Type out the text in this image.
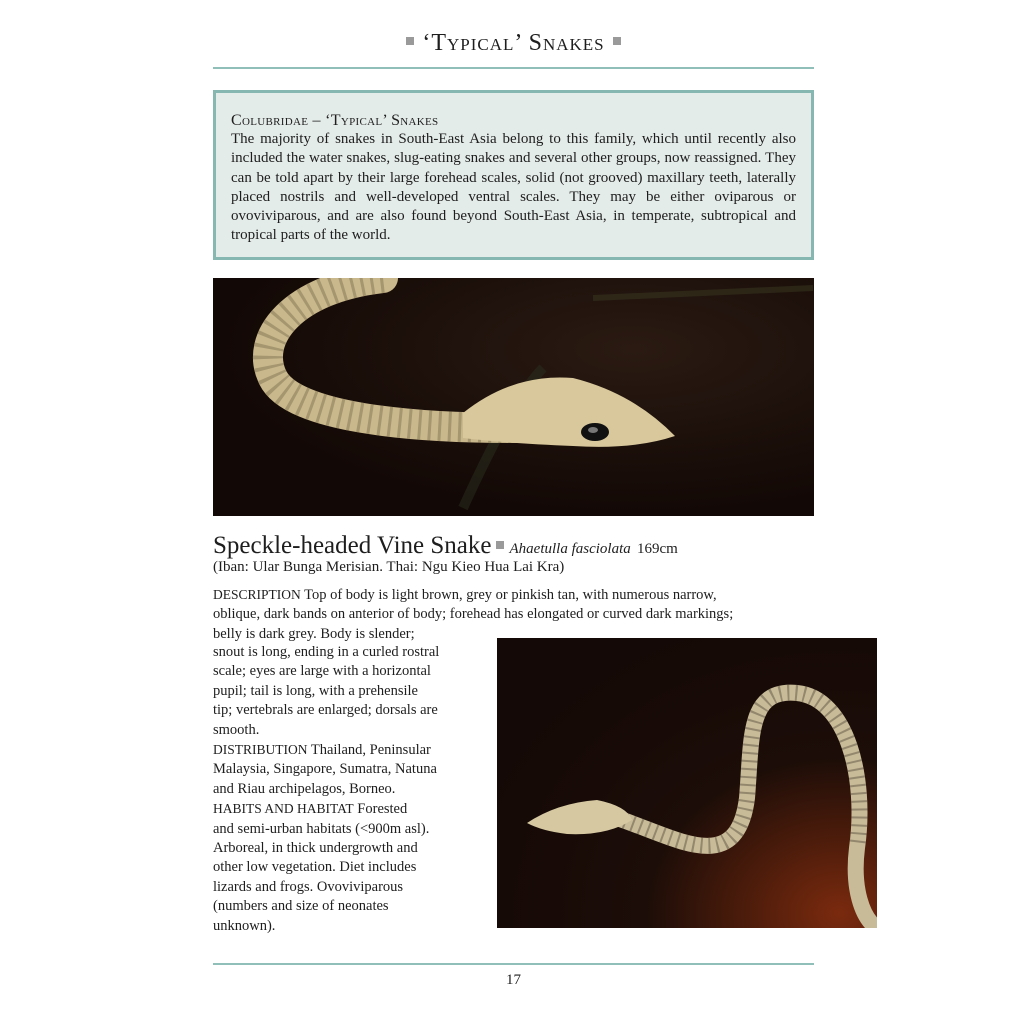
‘Typical’ Snakes
Colubridae – ‘Typical’ Snakes

The majority of snakes in South-East Asia belong to this family, which until recently also included the water snakes, slug-eating snakes and several other groups, now reassigned. They can be told apart by their large forehead scales, solid (not grooved) maxillary teeth, laterally placed nostrils and well-developed ventral scales. They may be either oviparous or ovoviviparous, and are also found beyond South-East Asia, in temperate, subtropical and tropical parts of the world.

Speckle-headed Vine Snake Ahaetulla fasciolata 169cm
(Iban: Ular Bunga Merisian. Thai: Ngu Kieo Hua Lai Kra)
DESCRIPTION Top of body is light brown, grey or pinkish tan, with numerous narrow,
oblique, dark bands on anterior of body; forehead has elongated or curved dark markings;
belly is dark grey. Body is slender;
snout is long, ending in a curled rostral
scale; eyes are large with a horizontal
pupil; tail is long, with a prehensile
tip; vertebrals are enlarged; dorsals are
smooth.
DISTRIBUTION Thailand, Peninsular
Malaysia, Singapore, Sumatra, Natuna
and Riau archipelagos, Borneo.
HABITS AND HABITAT Forested
and semi-urban habitats (<900m asl).
Arboreal, in thick undergrowth and
other low vegetation. Diet includes
lizards and frogs. Ovoviviparous
(numbers and size of neonates
unknown).
17
